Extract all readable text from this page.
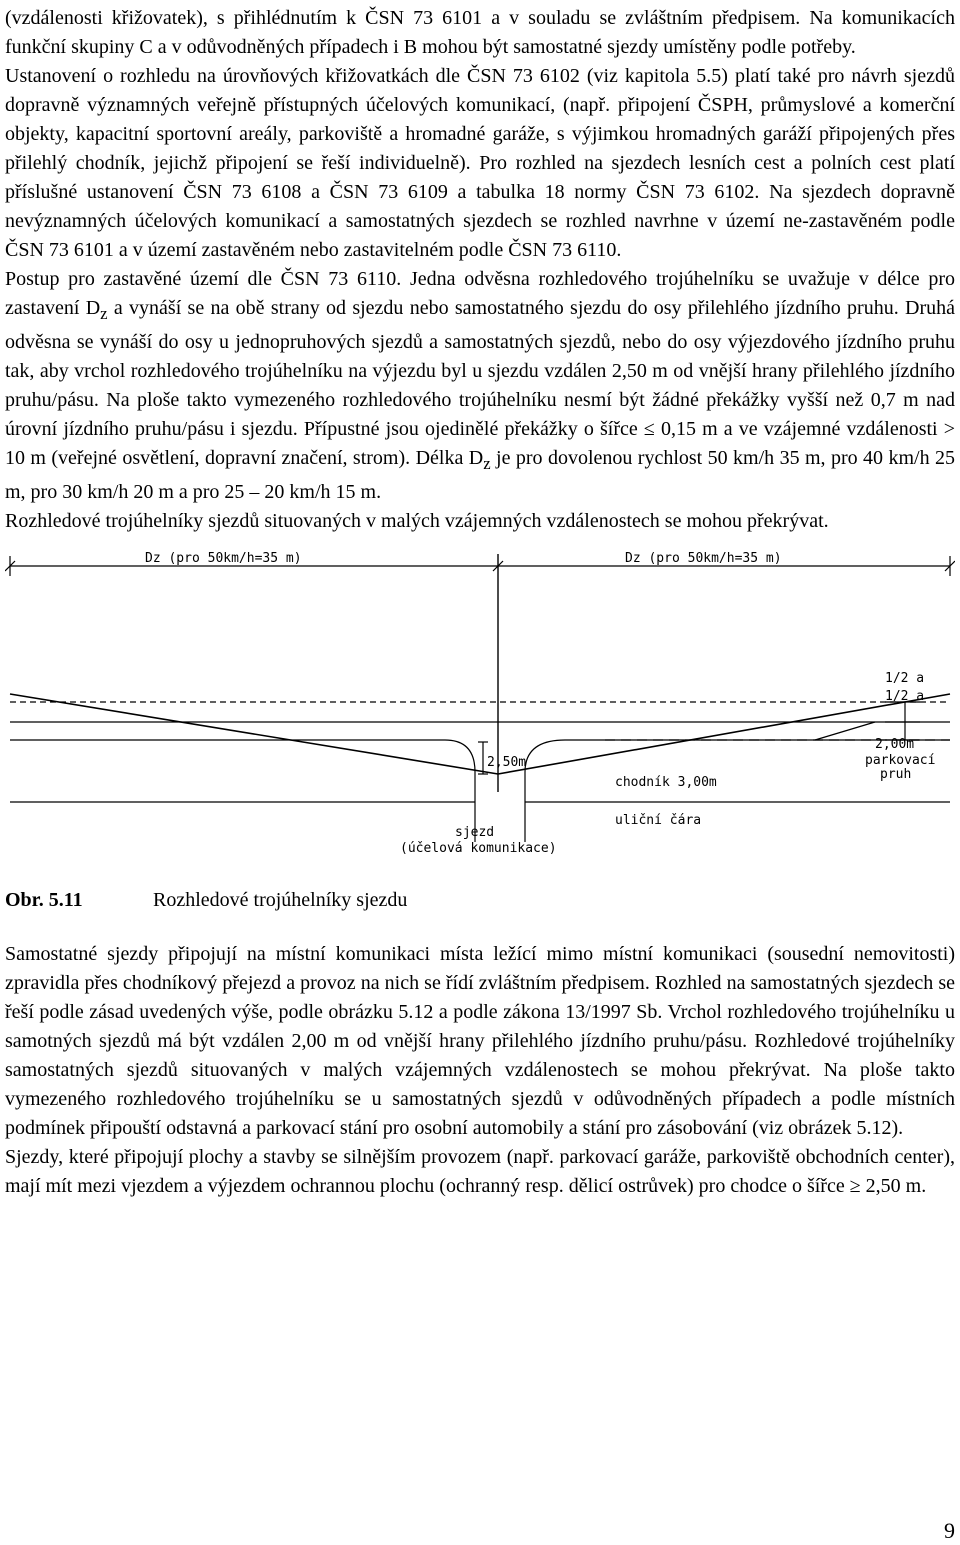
(vzdálenosti křižovatek), s přihlédnutím k ČSN 73 6101 a v souladu se zvláštním předpisem. Na komunikacích funkční skupiny C a v odůvodněných případech i B mohou být samostatné sjezdy umístěny podle potřeby.

Ustanovení o rozhledu na úrovňových křižovatkách dle ČSN 73 6102 (viz kapitola 5.5) platí také pro návrh sjezdů dopravně významných veřejně přístupných účelových komunikací, (např. připojení ČSPH, průmyslové a komerční objekty, kapacitní sportovní areály, parkoviště a hromadné garáže, s výjimkou hromadných garáží připojených přes přilehlý chodník, jejichž připojení se řeší individuelně). Pro rozhled na sjezdech lesních cest a polních cest platí příslušné ustanovení ČSN 73 6108 a ČSN 73 6109 a tabulka 18 normy ČSN 73 6102. Na sjezdech dopravně nevýznamných účelových komunikací a samostatných sjezdech se rozhled navrhne v území ne-zastavěném podle ČSN 73 6101 a v území zastavěném nebo zastavitelném podle ČSN 73 6110.

Postup pro zastavěné území dle ČSN 73 6110. Jedna odvěsna rozhledového trojúhelníku se uvažuje v délce pro zastavení $D_z$ a vynáší se na obě strany od sjezdu nebo samostatného sjezdu do osy přilehlého jízdního pruhu. Druhá odvěsna se vynáší do osy u jednopruhových sjezdů a samostatných sjezdů, nebo do osy výjezdového jízdního pruhu tak, aby vrchol rozhledového trojúhelníku na výjezdu byl u sjezdu vzdálen 2,50 m od vnější hrany přilehlého jízdního pruhu/pásu. Na ploše takto vymezeného rozhledového trojúhelníku nesmí být žádné překážky vyšší než 0,7 m nad úrovní jízdního pruhu/pásu i sjezdu. Přípustné jsou ojedinělé překážky o šířce ≤ 0,15 m a ve vzájemné vzdálenosti > 10 m (veřejné osvětlení, dopravní značení, strom). Délka $D_z$ je pro dovolenou rychlost 50 km/h 35 m, pro 40 km/h 25 m, pro 30 km/h 20 m a pro 25 – 20 km/h 15 m.

Rozhledové trojúhelníky sjezdů situovaných v malých vzájemných vzdálenostech se mohou překrývat.

Dz (pro 50km/h=35 m)	Dz (pro 50km/h=35 m)
1/2 a
1/2 a
2,50m
2,00m
parkovací
pruh
chodník 3,00m
uliční čára
sjezd
(účelová komunikace)
Obr. 5.11	Rozhledové trojúhelníky sjezdu

Samostatné sjezdy připojují na místní komunikaci místa ležící mimo místní komunikaci (sousední nemovitosti) zpravidla přes chodníkový přejezd a provoz na nich se řídí zvláštním předpisem. Rozhled na samostatných sjezdech se řeší podle zásad uvedených výše, podle obrázku 5.12 a podle zákona 13/1997 Sb. Vrchol rozhledového trojúhelníku u samotných sjezdů má být vzdálen 2,00 m od vnější hrany přilehlého jízdního pruhu/pásu. Rozhledové trojúhelníky samostatných sjezdů situovaných v malých vzájemných vzdálenostech se mohou překrývat. Na ploše takto vymezeného rozhledového trojúhelníku se u samostatných sjezdů v odůvodněných případech a podle místních podmínek připouští odstavná a parkovací stání pro osobní automobily a stání pro zásobování (viz obrázek 5.12).

Sjezdy, které připojují plochy a stavby se silnějším provozem (např. parkovací garáže, parkoviště obchodních center), mají mít mezi vjezdem a výjezdem ochrannou plochu (ochranný resp. dělicí ostrůvek) pro chodce o šířce ≥ 2,50 m.

9
